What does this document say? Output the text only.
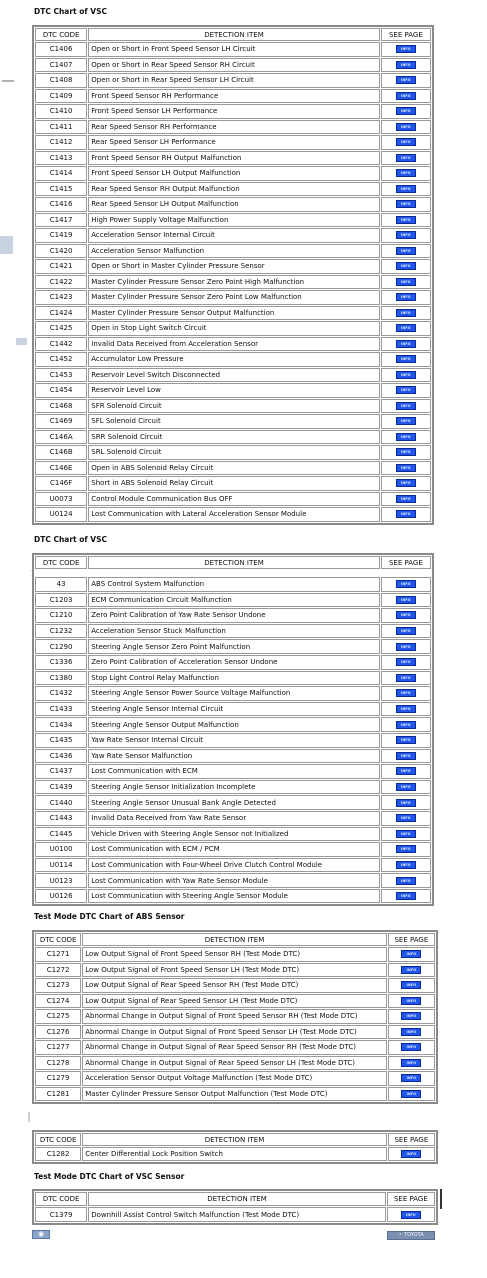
DTC Chart of VSC
DTC CODE	DETECTION ITEM	SEE PAGE
C1406	Open or Short in Front Speed Sensor LH Circuit	INFO
C1407	Open or Short in Rear Speed Sensor RH Circuit	INFO
C1408	Open or Short in Rear Speed Sensor LH Circuit	INFO
C1409	Front Speed Sensor RH Performance	INFO
C1410	Front Speed Sensor LH Performance	INFO
C1411	Rear Speed Sensor RH Performance	INFO
C1412	Rear Speed Sensor LH Performance	INFO
C1413	Front Speed Sensor RH Output Malfunction	INFO
C1414	Front Speed Sensor LH Output Malfunction	INFO
C1415	Rear Speed Sensor RH Output Malfunction	INFO
C1416	Rear Speed Sensor LH Output Malfunction	INFO
C1417	High Power Supply Voltage Malfunction	INFO
C1419	Acceleration Sensor Internal Circuit	INFO
C1420	Acceleration Sensor Malfunction	INFO
C1421	Open or Short in Master Cylinder Pressure Sensor	INFO
C1422	Master Cylinder Pressure Sensor Zero Point High Malfunction	INFO
C1423	Master Cylinder Pressure Sensor Zero Point Low Malfunction	INFO
C1424	Master Cylinder Pressure Sensor Output Malfunction	INFO
C1425	Open in Stop Light Switch Circuit	INFO
C1442	Invalid Data Received from Acceleration Sensor	INFO
C1452	Accumulator Low Pressure	INFO
C1453	Reservoir Level Switch Disconnected	INFO
C1454	Reservoir Level Low	INFO
C1468	SFR Solenoid Circuit	INFO
C1469	SFL Solenoid Circuit	INFO
C146A	SRR Solenoid Circuit	INFO
C146B	SRL Solenoid Circuit	INFO
C146E	Open in ABS Solenoid Relay Circuit	INFO
C146F	Short in ABS Solenoid Relay Circuit	INFO
U0073	Control Module Communication Bus OFF	INFO
U0124	Lost Communication with Lateral Acceleration Sensor Module	INFO
DTC Chart of VSC
DTC CODE	DETECTION ITEM	SEE PAGE

43	ABS Control System Malfunction	INFO
C1203	ECM Communication Circuit Malfunction	INFO
C1210	Zero Point Calibration of Yaw Rate Sensor Undone	INFO
C1232	Acceleration Sensor Stuck Malfunction	INFO
C1290	Steering Angle Sensor Zero Point Malfunction	INFO
C1336	Zero Point Calibration of Acceleration Sensor Undone	INFO
C1380	Stop Light Control Relay Malfunction	INFO
C1432	Steering Angle Sensor Power Source Voltage Malfunction	INFO
C1433	Steering Angle Sensor Internal Circuit	INFO
C1434	Steering Angle Sensor Output Malfunction	INFO
C1435	Yaw Rate Sensor Internal Circuit	INFO
C1436	Yaw Rate Sensor Malfunction	INFO
C1437	Lost Communication with ECM	INFO
C1439	Steering Angle Sensor Initialization Incomplete	INFO
C1440	Steering Angle Sensor Unusual Bank Angle Detected	INFO
C1443	Invalid Data Received from Yaw Rate Sensor	INFO
C1445	Vehicle Driven with Steering Angle Sensor not Initialized	INFO
U0100	Lost Communication with ECM / PCM	INFO
U0114	Lost Communication with Four-Wheel Drive Clutch Control Module	INFO
U0123	Lost Communication with Yaw Rate Sensor Module	INFO
U0126	Lost Communication with Steering Angle Sensor Module	INFO
Test Mode DTC Chart of ABS Sensor
DTC CODE	DETECTION ITEM	SEE PAGE
C1271	Low Output Signal of Front Speed Sensor RH (Test Mode DTC)	INFO
C1272	Low Output Signal of Front Speed Sensor LH (Test Mode DTC)	INFO
C1273	Low Output Signal of Rear Speed Sensor RH (Test Mode DTC)	INFO
C1274	Low Output Signal of Rear Speed Sensor LH (Test Mode DTC)	INFO
C1275	Abnormal Change in Output Signal of Front Speed Sensor RH (Test Mode DTC)	INFO
C1276	Abnormal Change in Output Signal of Front Speed Sensor LH (Test Mode DTC)	INFO
C1277	Abnormal Change in Output Signal of Rear Speed Sensor RH (Test Mode DTC)	INFO
C1278	Abnormal Change in Output Signal of Rear Speed Sensor LH (Test Mode DTC)	INFO
C1279	Acceleration Sensor Output Voltage Malfunction (Test Mode DTC)	INFO
C1281	Master Cylinder Pressure Sensor Output Malfunction (Test Mode DTC)	INFO
DTC CODE	DETECTION ITEM	SEE PAGE
C1282	Center Differential Lock Position Switch	INFO
Test Mode DTC Chart of VSC Sensor
DTC CODE	DETECTION ITEM	SEE PAGE
C1379	Downhill Assist Control Switch Malfunction (Test Mode DTC)	INFO
◉	⚬ TOYOTA
